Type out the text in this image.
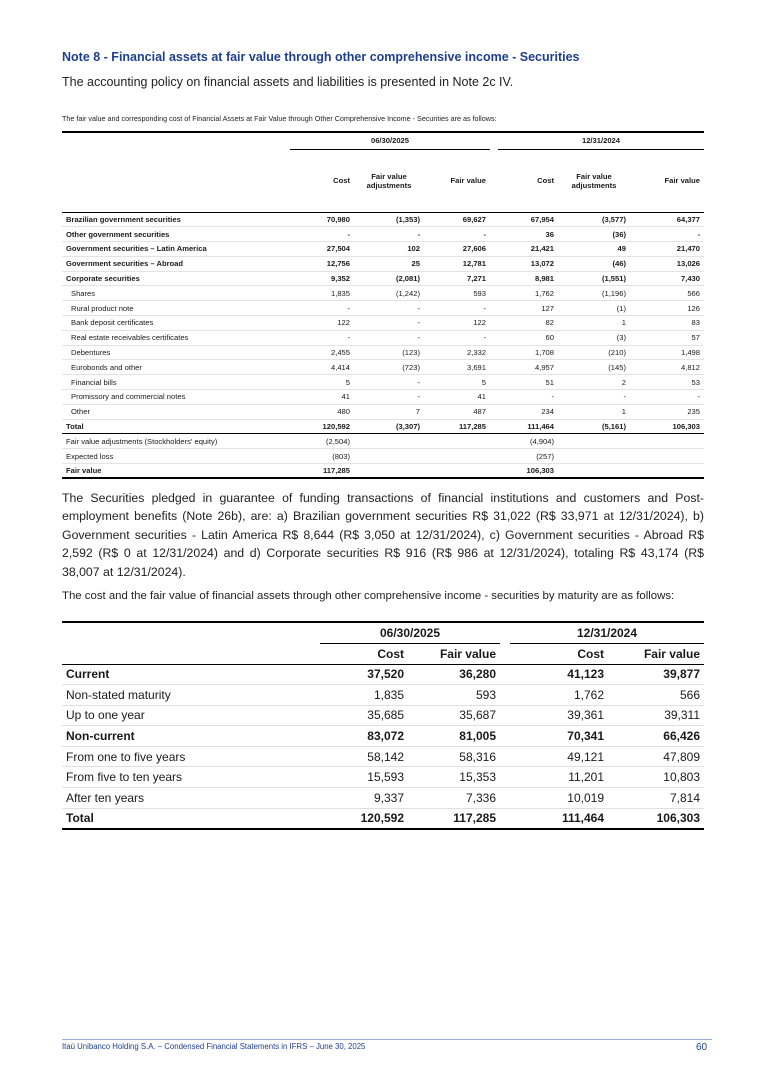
Note 8 - Financial assets at fair value through other comprehensive income - Securities
The accounting policy on financial assets and liabilities is presented in Note 2c IV.
The fair value and corresponding cost of Financial Assets at Fair Value through Other Comprehensive Income - Securities are as follows:
	06/30/2025				12/31/2024		
	Cost	Fair value adjustments	Fair value		Cost	Fair value adjustments	Fair value
Brazilian government securities	70,980	(1,353)	69,627		67,954	(3,577)	64,377
Other government securities	-	-	-		36	(36)	-
Government securities – Latin America	27,504	102	27,606		21,421	49	21,470
Government securities – Abroad	12,756	25	12,781		13,072	(46)	13,026
Corporate securities	9,352	(2,081)	7,271		8,981	(1,551)	7,430
Shares	1,835	(1,242)	593		1,762	(1,196)	566
Rural product note	-	-	-		127	(1)	126
Bank deposit certificates	122	-	122		82	1	83
Real estate receivables certificates	-	-	-		60	(3)	57
Debentures	2,455	(123)	2,332		1,708	(210)	1,498
Eurobonds and other	4,414	(723)	3,691		4,957	(145)	4,812
Financial bills	5	-	5		51	2	53
Promissory and commercial notes	41	-	41		-	-	-
Other	480	7	487		234	1	235
Total	120,592	(3,307)	117,285		111,464	(5,161)	106,303
Fair value adjustments (Stockholders' equity)	(2,504)				(4,904)		
Expected loss	(803)				(257)		
Fair value	117,285				106,303		
The Securities pledged in guarantee of funding transactions of financial institutions and customers and Post-employment benefits (Note 26b), are: a) Brazilian government securities R$ 31,022 (R$ 33,971 at 12/31/2024), b) Government securities - Latin America R$ 8,644 (R$ 3,050 at 12/31/2024), c) Government securities - Abroad R$ 2,592 (R$ 0 at 12/31/2024) and d) Corporate securities R$ 916 (R$ 986 at 12/31/2024), totaling R$ 43,174 (R$ 38,007 at 12/31/2024).
The cost and the fair value of financial assets through other comprehensive income - securities by maturity are as follows:
	06/30/2025			12/31/2024	
	Cost	Fair value		Cost	Fair value
Current	37,520	36,280		41,123	39,877
Non-stated maturity	1,835	593		1,762	566
Up to one year	35,685	35,687		39,361	39,311
Non-current	83,072	81,005		70,341	66,426
From one to five years	58,142	58,316		49,121	47,809
From five to ten years	15,593	15,353		11,201	10,803
After ten years	9,337	7,336		10,019	7,814
Total	120,592	117,285		111,464	106,303
Itaú Unibanco Holding S.A. – Condensed Financial Statements in IFRS – June 30, 2025	60
